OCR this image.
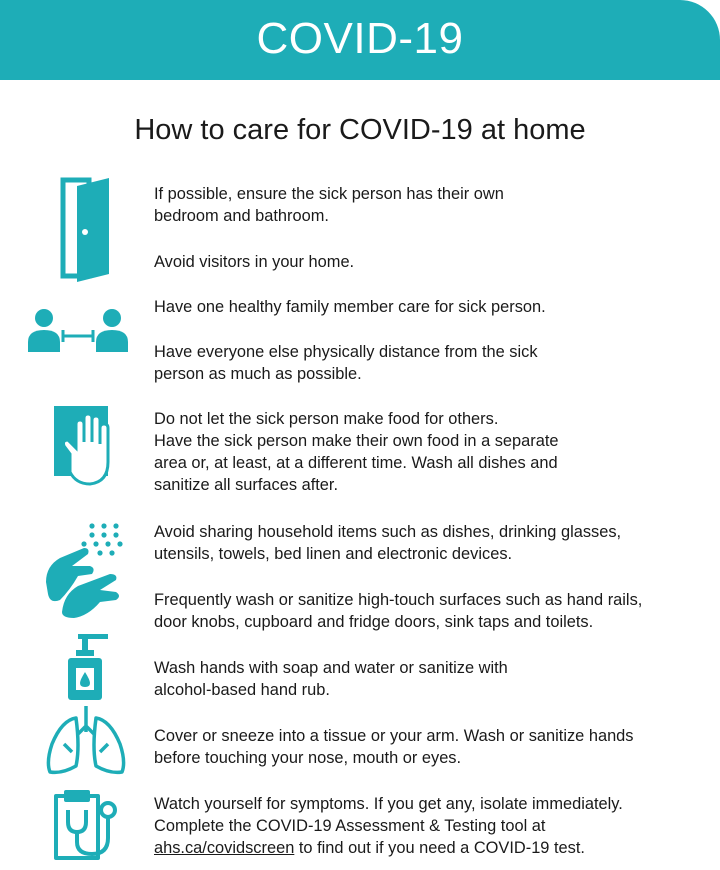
COVID-19
How to care for COVID-19 at home
If possible, ensure the sick person has their own
bedroom and bathroom.
Avoid visitors in your home.
Have one healthy family member care for sick person.
Have everyone else physically distance from the sick
person as much as possible.
Do not let the sick person make food for others.
Have the sick person make their own food in a separate
area or, at least, at a different time. Wash all dishes and
sanitize all surfaces after.
Avoid sharing household items such as dishes, drinking glasses,
utensils, towels, bed linen and electronic devices.
Frequently wash or sanitize high-touch surfaces such as hand rails,
door knobs, cupboard and fridge doors, sink taps and toilets.
Wash hands with soap and water or sanitize with
alcohol-based hand rub.
Cover or sneeze into a tissue or your arm. Wash or sanitize hands
before touching your nose, mouth or eyes.
Watch yourself for symptoms. If you get any, isolate immediately.
Complete the COVID-19 Assessment & Testing tool at
ahs.ca/covidscreen to find out if you need a COVID-19 test.
